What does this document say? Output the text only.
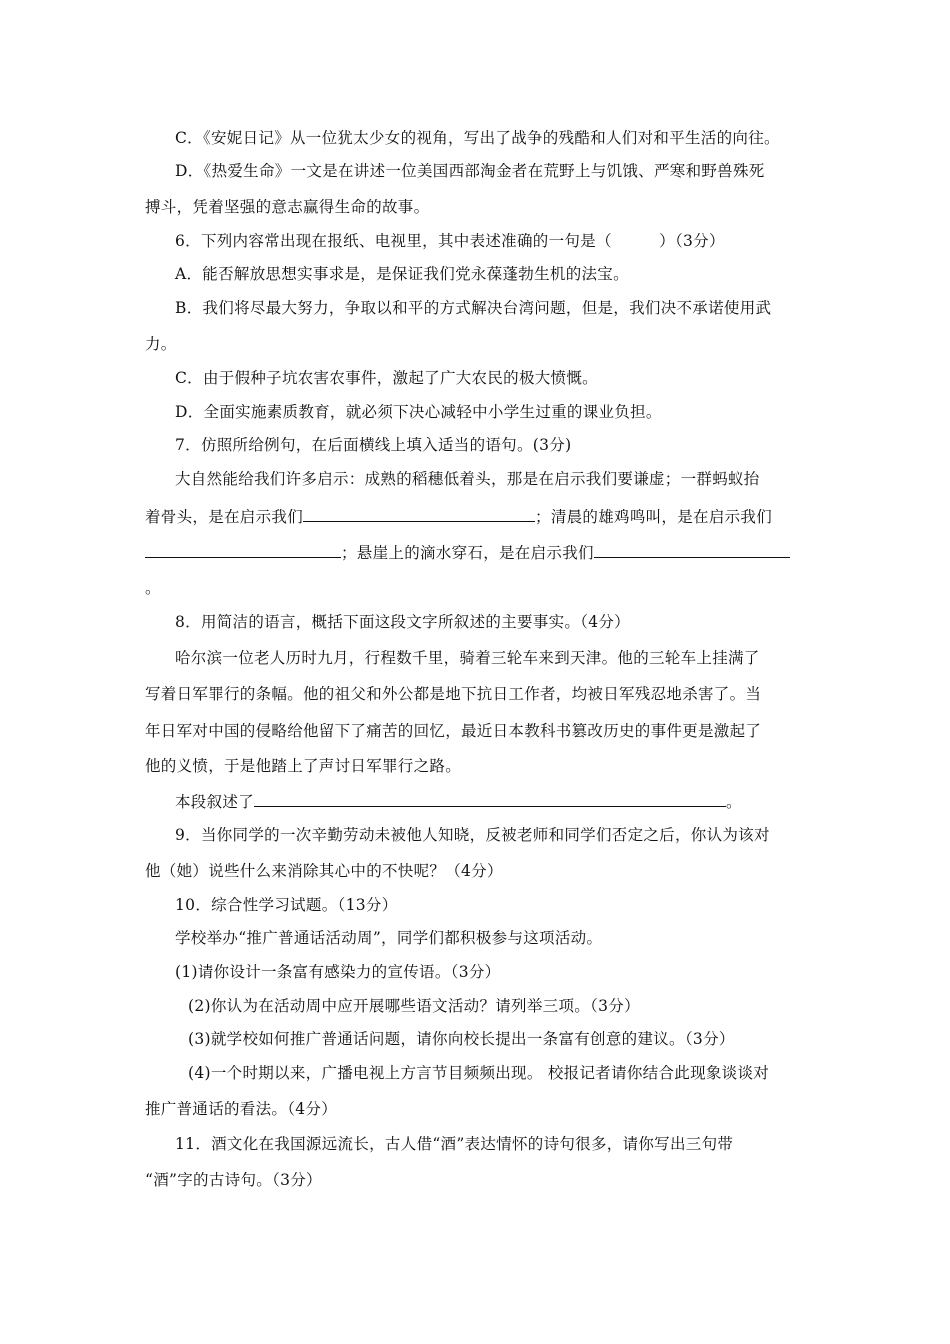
C．《安妮日记》从一位犹太少女的视角，写出了战争的残酷和人们对和平生活的向往。
D．《热爱生命》一文是在讲述一位美国西部淘金者在荒野上与饥饿、严寒和野兽殊死
搏斗，凭着坚强的意志赢得生命的故事。
6．下列内容常出现在报纸、电视里，其中表述准确的一句是（　　　）（3分）
A．能否解放思想实事求是，是保证我们党永葆蓬勃生机的法宝。
B．我们将尽最大努力，争取以和平的方式解决台湾问题，但是，我们决不承诺使用武
力。
C．由于假种子坑农害农事件，激起了广大农民的极大愤慨。
D．全面实施素质教育，就必须下决心减轻中小学生过重的课业负担。
7．仿照所给例句，在后面横线上填入适当的语句。(3分)
大自然能给我们许多启示：成熟的稻穗低着头，那是在启示我们要谦虚；一群蚂蚁抬
着骨头，是在启示我们	；清晨的雄鸡鸣叫，是在启示我们
；悬崖上的滴水穿石，是在启示我们
。
8．用简洁的语言，概括下面这段文字所叙述的主要事实。（4分）
哈尔滨一位老人历时九月，行程数千里，骑着三轮车来到天津。他的三轮车上挂满了
写着日军罪行的条幅。他的祖父和外公都是地下抗日工作者，均被日军残忍地杀害了。当
年日军对中国的侵略给他留下了痛苦的回忆，最近日本教科书篡改历史的事件更是激起了
他的义愤，于是他踏上了声讨日军罪行之路。
本段叙述了	。
9．当你同学的一次辛勤劳动未被他人知晓，反被老师和同学们否定之后，你认为该对
他（她）说些什么来消除其心中的不快呢？（4分）
10．综合性学习试题。（13分）
学校举办“推广普通话活动周”，同学们都积极参与这项活动。
(1)请你设计一条富有感染力的宣传语。（3分）
(2)你认为在活动周中应开展哪些语文活动？请列举三项。（3分）
(3)就学校如何推广普通话问题，请你向校长提出一条富有创意的建议。（3分）
(4)一个时期以来，广播电视上方言节目频频出现。 校报记者请你结合此现象谈谈对
推广普通话的看法。（4分）
11．酒文化在我国源远流长，古人借“酒”表达情怀的诗句很多，请你写出三句带
“酒”字的古诗句。（3分）
